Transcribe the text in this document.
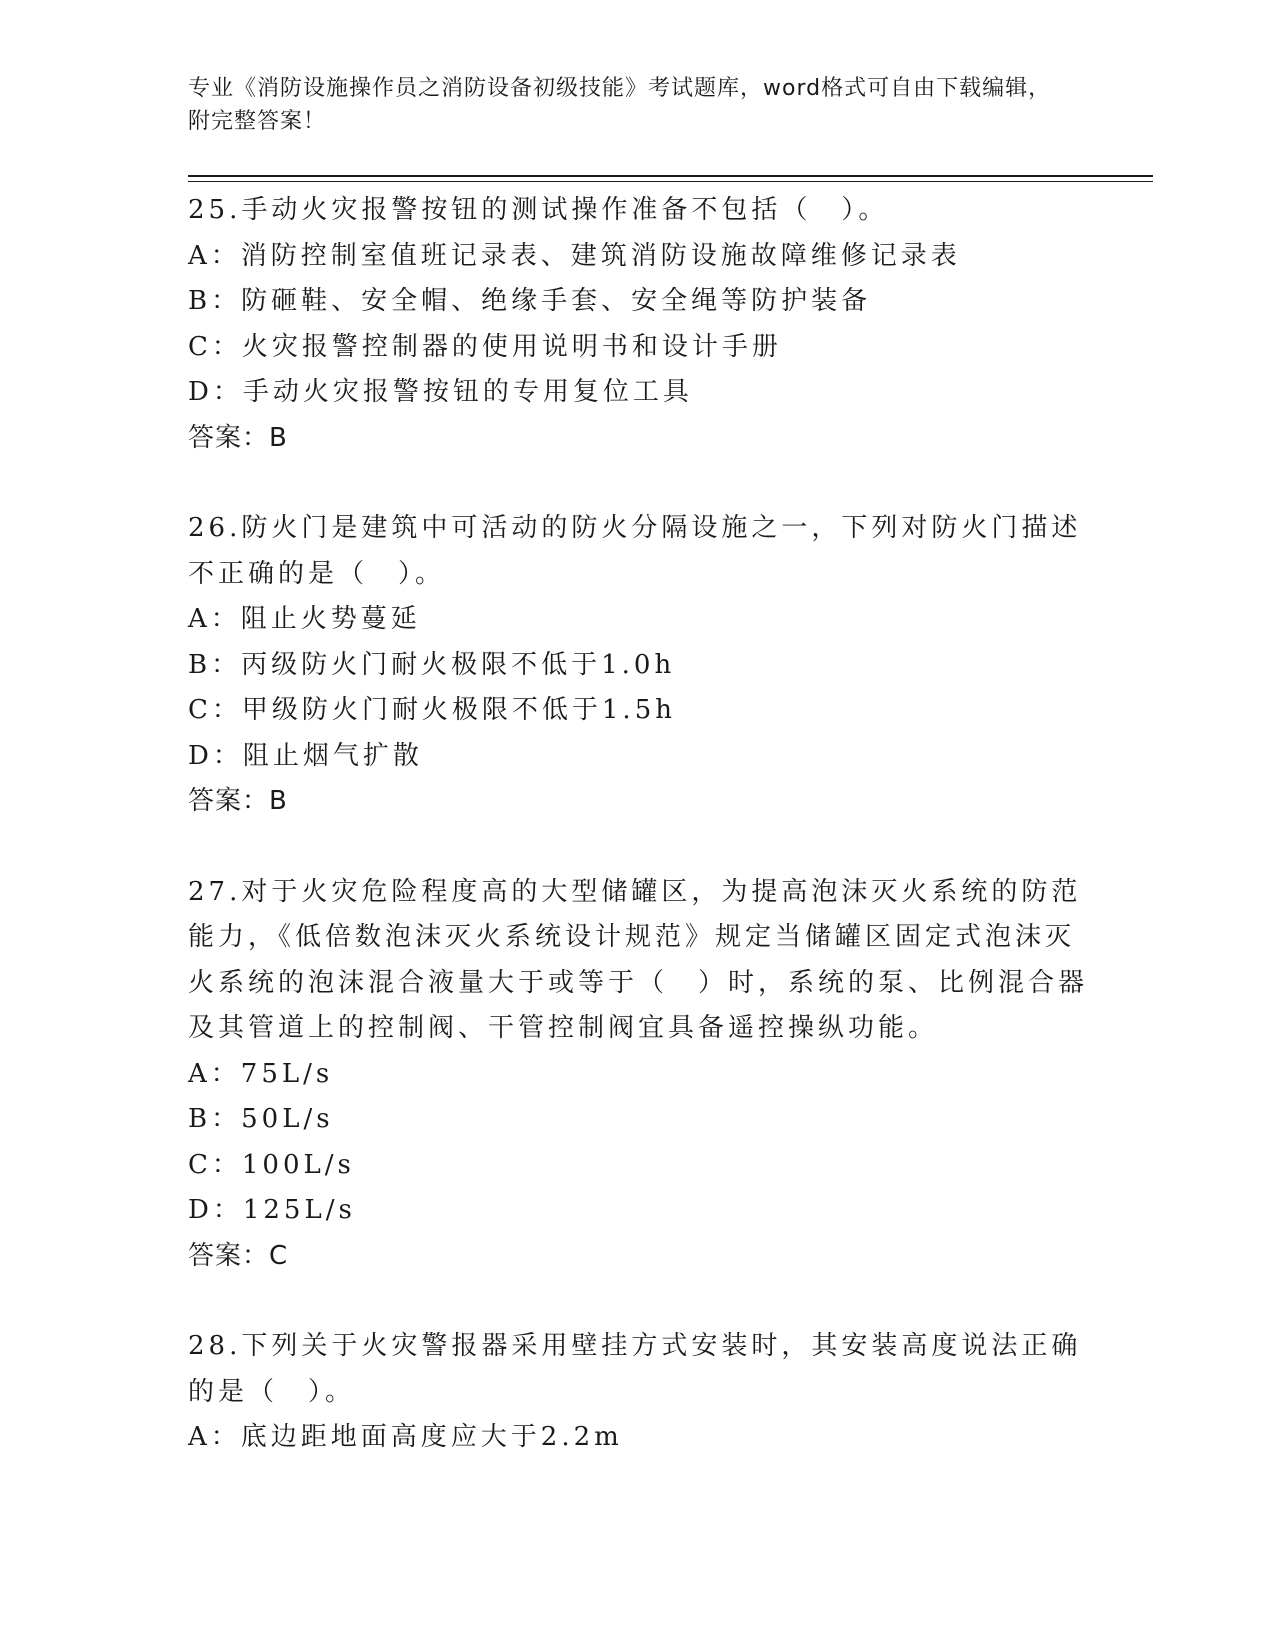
专业《消防设施操作员之消防设备初级技能》考试题库，word格式可自由下载编辑，附完整答案！

25.手动火灾报警按钮的测试操作准备不包括（　）。

A：消防控制室值班记录表、建筑消防设施故障维修记录表
B：防砸鞋、安全帽、绝缘手套、安全绳等防护装备
C：火灾报警控制器的使用说明书和设计手册
D：手动火灾报警按钮的专用复位工具
答案：B

26.防火门是建筑中可活动的防火分隔设施之一，下列对防火门描述不正确的是（　）。

A：阻止火势蔓延
B：丙级防火门耐火极限不低于1.0h
C：甲级防火门耐火极限不低于1.5h
D：阻止烟气扩散
答案：B

27.对于火灾危险程度高的大型储罐区，为提高泡沫灭火系统的防范能力，《低倍数泡沫灭火系统设计规范》规定当储罐区固定式泡沫灭火系统的泡沫混合液量大于或等于（　）时，系统的泵、比例混合器及其管道上的控制阀、干管控制阀宜具备遥控操纵功能。

A：75L/s
B：50L/s
C：100L/s
D：125L/s
答案：C

28.下列关于火灾警报器采用壁挂方式安装时，其安装高度说法正确的是（　）。

A：底边距地面高度应大于2.2m
